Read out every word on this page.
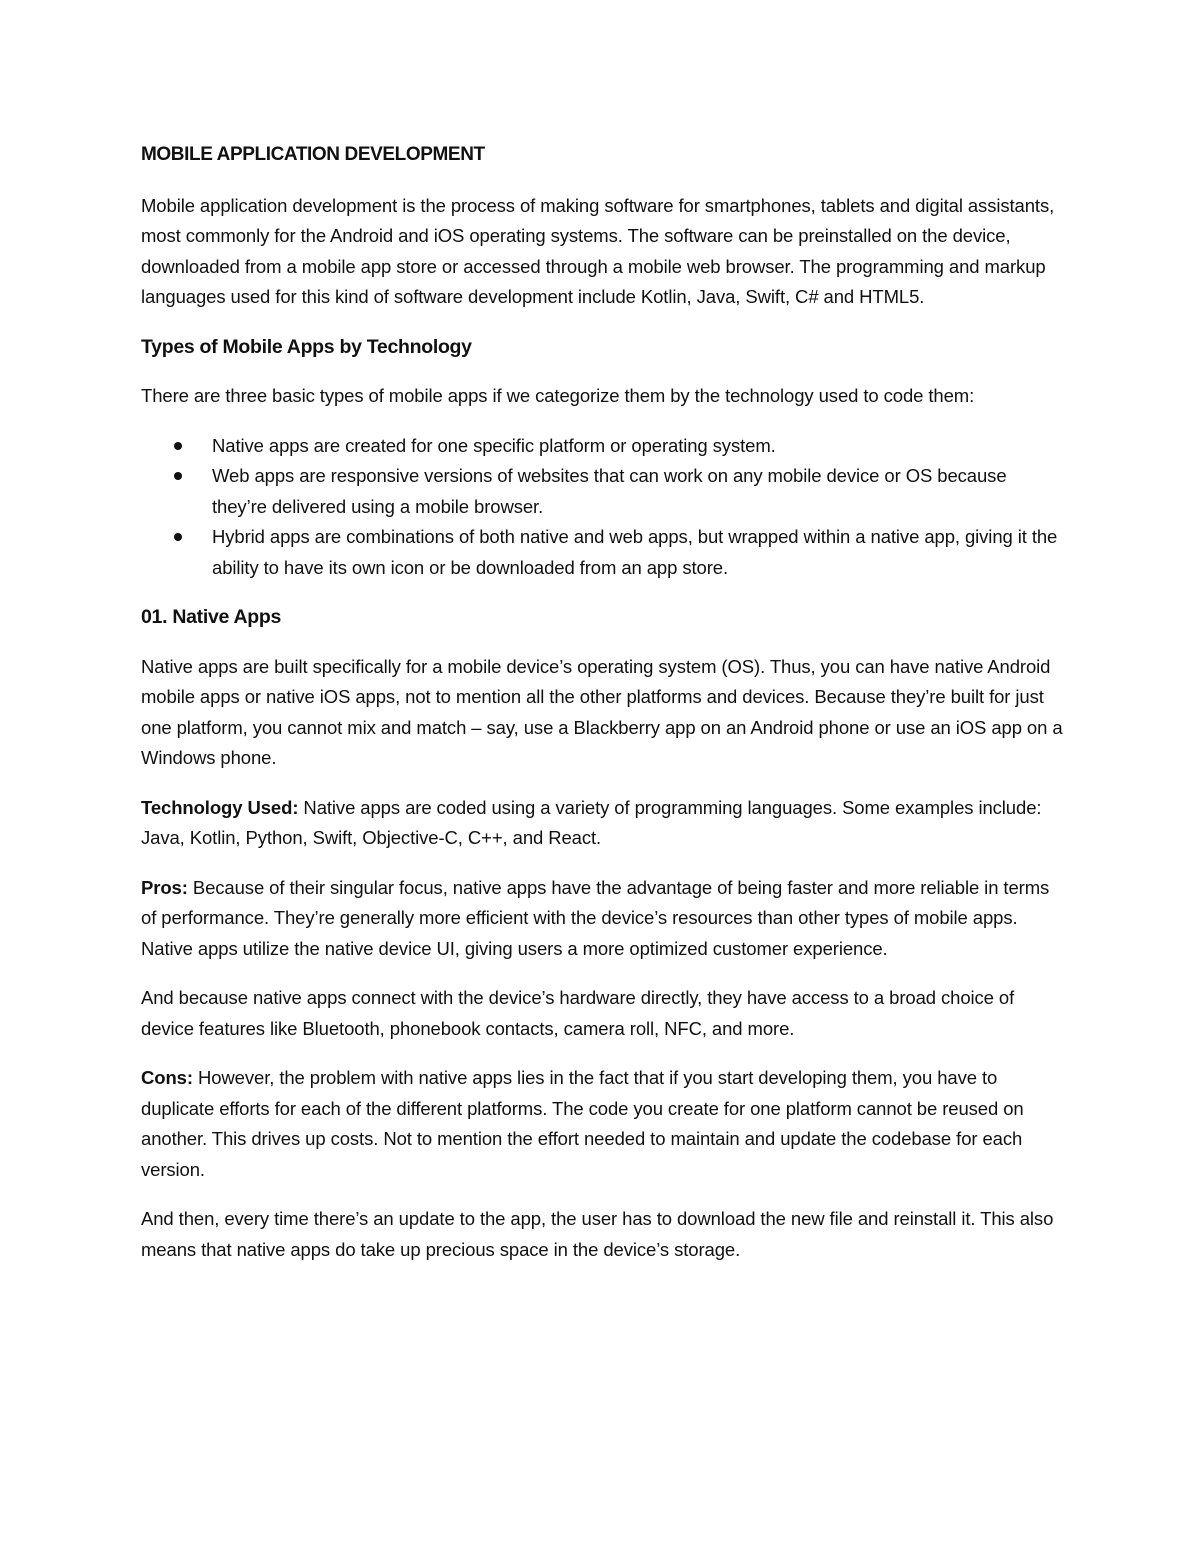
MOBILE APPLICATION DEVELOPMENT

Mobile application development is the process of making software for smartphones, tablets and digital assistants, most commonly for the Android and iOS operating systems. The software can be preinstalled on the device, downloaded from a mobile app store or accessed through a mobile web browser. The programming and markup languages used for this kind of software development include Kotlin, Java, Swift, C# and HTML5.

Types of Mobile Apps by Technology

There are three basic types of mobile apps if we categorize them by the technology used to code them:

Native apps are created for one specific platform or operating system.
Web apps are responsive versions of websites that can work on any mobile device or OS because they’re delivered using a mobile browser.
Hybrid apps are combinations of both native and web apps, but wrapped within a native app, giving it the ability to have its own icon or be downloaded from an app store.
01. Native Apps

Native apps are built specifically for a mobile device’s operating system (OS). Thus, you can have native Android mobile apps or native iOS apps, not to mention all the other platforms and devices. Because they’re built for just one platform, you cannot mix and match – say, use a Blackberry app on an Android phone or use an iOS app on a Windows phone.

Technology Used: Native apps are coded using a variety of programming languages. Some examples include: Java, Kotlin, Python, Swift, Objective-C, C++, and React.

Pros: Because of their singular focus, native apps have the advantage of being faster and more reliable in terms of performance. They’re generally more efficient with the device’s resources than other types of mobile apps. Native apps utilize the native device UI, giving users a more optimized customer experience.

And because native apps connect with the device’s hardware directly, they have access to a broad choice of device features like Bluetooth, phonebook contacts, camera roll, NFC, and more.

Cons: However, the problem with native apps lies in the fact that if you start developing them, you have to duplicate efforts for each of the different platforms. The code you create for one platform cannot be reused on another. This drives up costs. Not to mention the effort needed to maintain and update the codebase for each version.

And then, every time there’s an update to the app, the user has to download the new file and reinstall it. This also means that native apps do take up precious space in the device’s storage.
